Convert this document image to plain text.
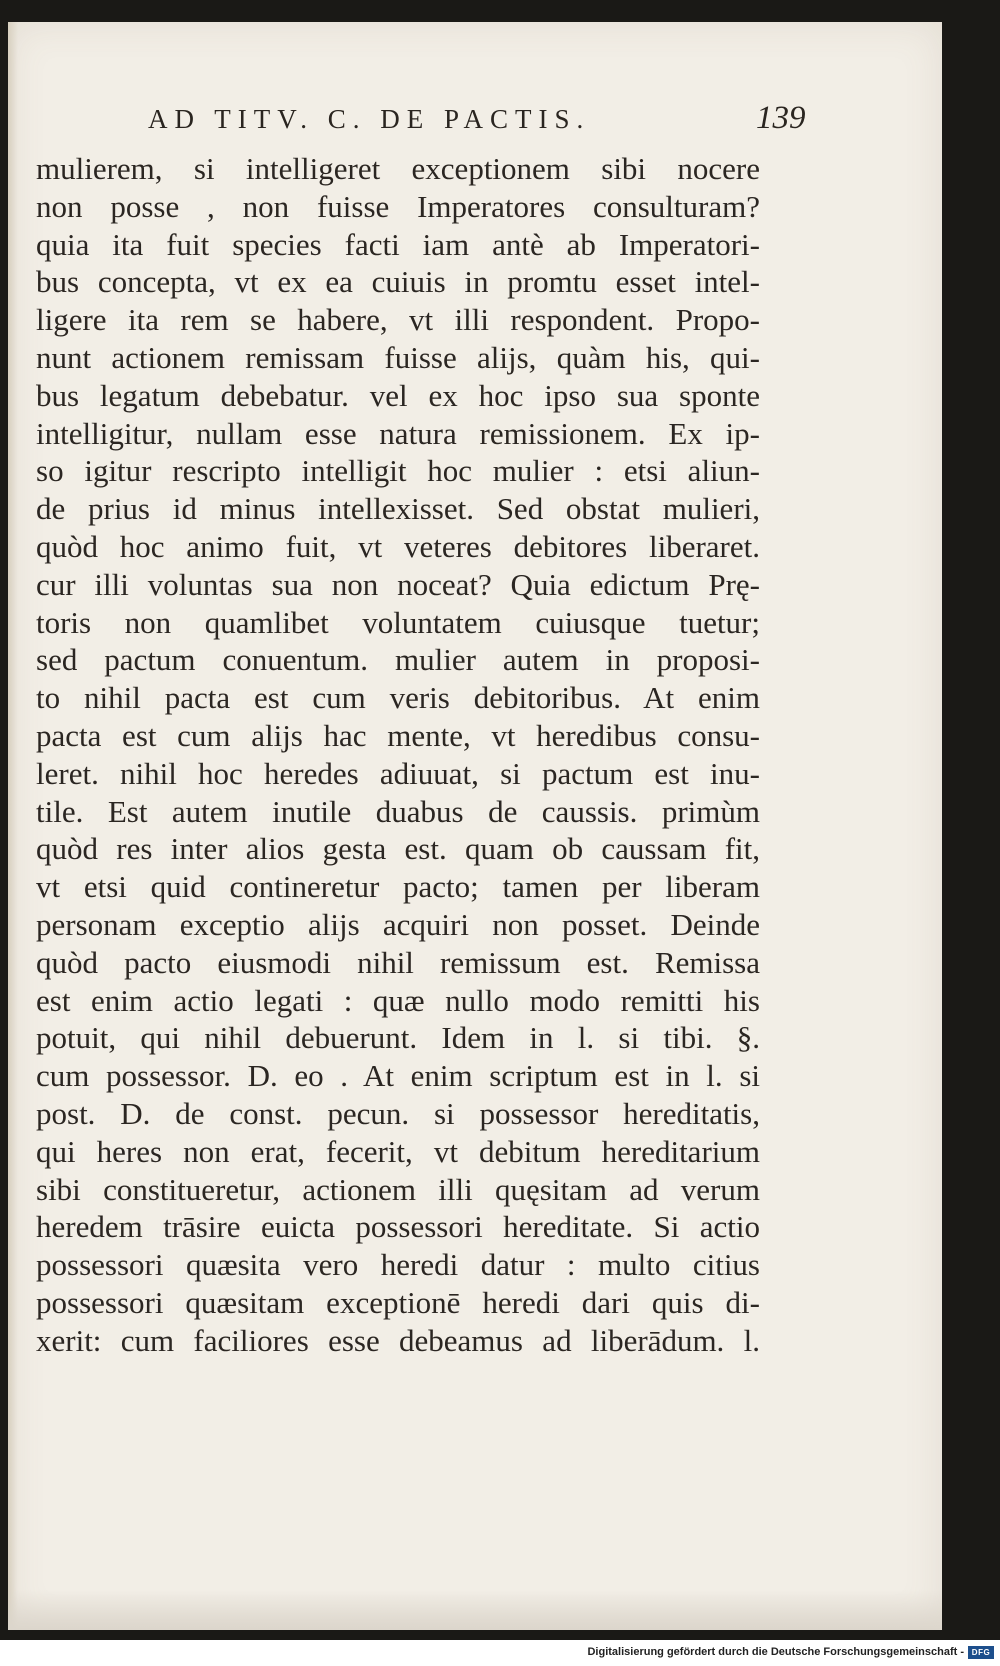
AD TITV. C. DE PACTIS.	139
mulierem, si intelligeret exceptionem sibi nocere
non posse , non fuisse Imperatores consulturam?
quia ita fuit species facti iam antè ab Imperatori-
bus concepta, vt ex ea cuiuis in promtu esset intel-
ligere ita rem se habere, vt illi respondent. Propo-
nunt actionem remissam fuisse alijs, quàm his, qui-
bus legatum debebatur. vel ex hoc ipso sua sponte
intelligitur, nullam esse natura remissionem. Ex ip-
so igitur rescripto intelligit hoc mulier : etsi aliun-
de prius id minus intellexisset. Sed obstat mulieri,
quòd hoc animo fuit, vt veteres debitores liberaret.
cur illi voluntas sua non noceat? Quia edictum Prę-
toris non quamlibet voluntatem cuiusque tuetur;
sed pactum conuentum. mulier autem in proposi-
to nihil pacta est cum veris debitoribus. At enim
pacta est cum alijs hac mente, vt heredibus consu-
leret. nihil hoc heredes adiuuat, si pactum est inu-
tile. Est autem inutile duabus de caussis. primùm
quòd res inter alios gesta est. quam ob caussam fit,
vt etsi quid contineretur pacto; tamen per liberam
personam exceptio alijs acquiri non posset. Deinde
quòd pacto eiusmodi nihil remissum est. Remissa
est enim actio legati : quæ nullo modo remitti his
potuit, qui nihil debuerunt. Idem in l. si tibi. §.
cum possessor. D. eo . At enim scriptum est in l. si
post. D. de const. pecun. si possessor hereditatis,
qui heres non erat, fecerit, vt debitum hereditarium
sibi constitueretur, actionem illi quęsitam ad verum
heredem trāsire euicta possessori hereditate. Si actio
possessori quæsita vero heredi datur : multo citius
possessori quæsitam exceptionē heredi dari quis di-
xerit: cum faciliores esse debeamus ad liberādum. l.
Digitalisierung gefördert durch die Deutsche Forschungsgemeinschaft - DFG
